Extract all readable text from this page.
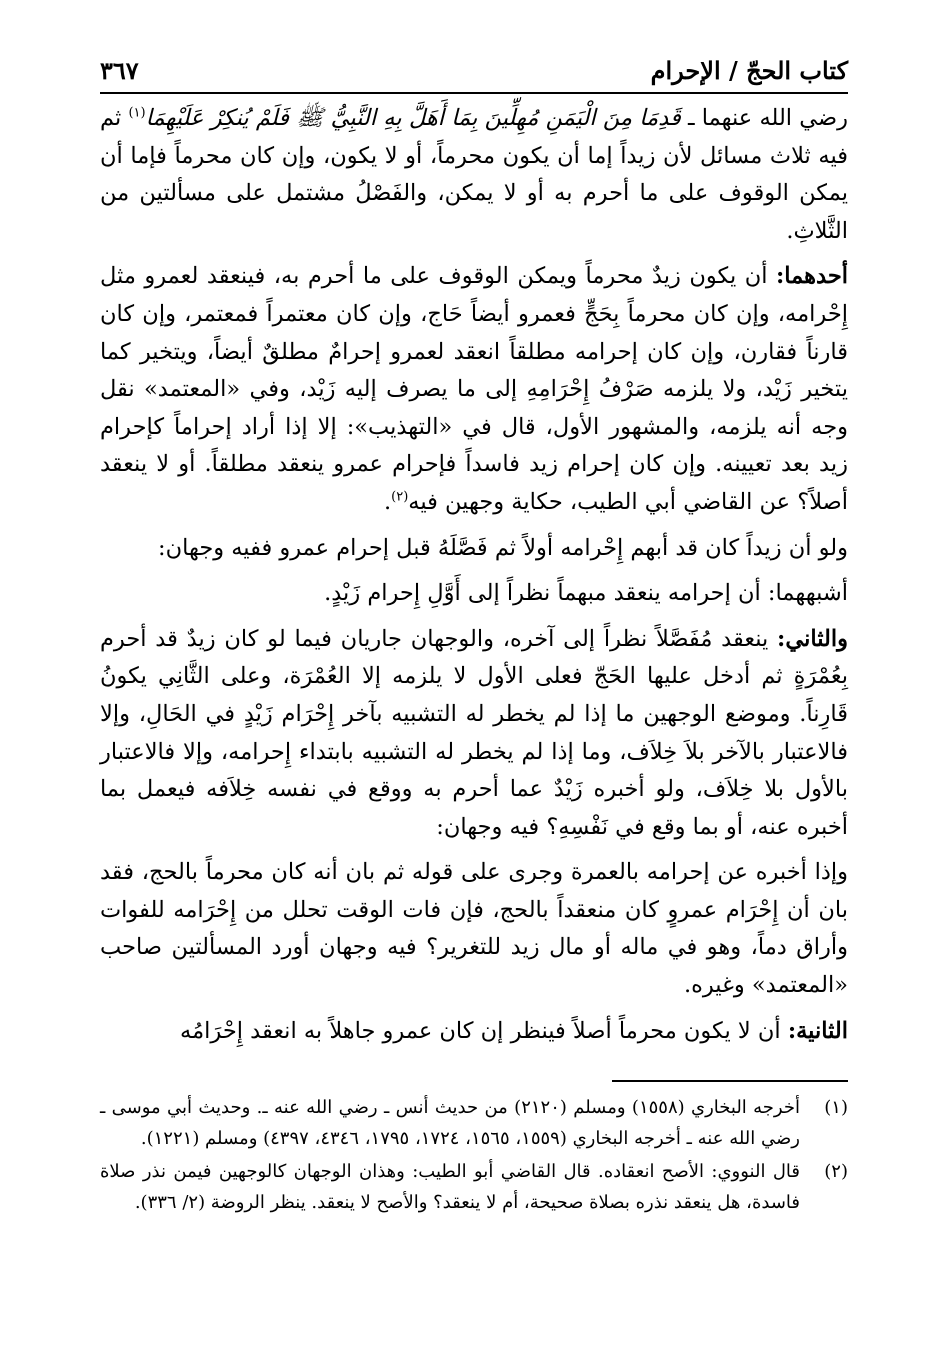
كتاب الحجّ / الإحرام
٣٦٧

رضي الله عنهما ـ قَدِمَا مِنَ الْيَمَنِ مُهِلِّينَ بِمَا أَهَلَّ بِهِ النَّبِيُّ ﷺ فَلَمْ يُنكِرْ عَلَيْهِمَا$^{(١)}$ ثم فيه ثلاث مسائل لأن زيداً إما أن يكون محرماً، أو لا يكون، وإن كان محرماً فإما أن يمكن الوقوف على ما أحرم به أو لا يمكن، والفَصْلُ مشتمل على مسألتين من الثَّلاثِ.

أحدهما: أن يكون زيدٌ محرماً ويمكن الوقوف على ما أحرم به، فينعقد لعمرو مثل إِحْرامه، وإن كان محرماً بِحَجٍّ فعمرو أيضاً حَاج، وإن كان معتمراً فمعتمر، وإن كان قارناً فقارن، وإن كان إحرامه مطلقاً انعقد لعمرو إحرامٌ مطلقٌ أيضاً، ويتخير كما يتخير زَيْد، ولا يلزمه صَرْفُ إِحْرَامِهِ إلى ما يصرف إليه زَيْد، وفي «المعتمد» نقل وجه أنه يلزمه، والمشهور الأول، قال في «التهذيب»: إلا إذا أراد إحراماً كإحرام زيد بعد تعيينه. وإن كان إحرام زيد فاسداً فإحرام عمرو ينعقد مطلقاً. أو لا ينعقد أصلاً؟ عن القاضي أبي الطيب، حكاية وجهين فيه$^{(٢)}$.

ولو أن زيداً كان قد أبهم إِحْرامه أولاً ثم فَصَّلَهُ قبل إحرام عمرو ففيه وجهان:

أشبههما: أن إحرامه ينعقد مبهماً نظراً إلى أَوَّلِ إِحرام زَيْدٍ.

والثاني: ينعقد مُفَصَّلاً نظراً إلى آخره، والوجهان جاريان فيما لو كان زيدٌ قد أحرم بِعُمْرَةٍ ثم أدخل عليها الحَجّ فعلى الأول لا يلزمه إلا العُمْرَة، وعلى الثَّانِي يكونُ قَارِناً. وموضع الوجهين ما إذا لم يخطر له التشبيه بآخر إِحْرَام زَيْدٍ في الحَالِ، وإلا فالاعتبار بالآخر بلاَ خِلاَف، وما إذا لم يخطر له التشبيه بابتداء إِحرامه، وإلا فالاعتبار بالأول بلا خِلاَف، ولو أخبره زَيْدٌ عما أحرم به ووقع في نفسه خِلاَفه فيعمل بما أخبره عنه، أو بما وقع في نَفْسِهِ؟ فيه وجهان:

وإذا أخبره عن إحرامه بالعمرة وجرى على قوله ثم بان أنه كان محرماً بالحج، فقد بان أن إِحْرَام عمروٍ كان منعقداً بالحج، فإن فات الوقت تحلل من إِحْرَامه للفوات وأراق دماً، وهو في ماله أو مال زيد للتغرير؟ فيه وجهان أورد المسألتين صاحب «المعتمد» وغيره.

الثانية: أن لا يكون محرماً أصلاً فينظر إن كان عمرو جاهلاً به انعقد إِحْرَامُه

(١)
أخرجه البخاري (١٥٥٨) ومسلم (٢١٢٠) من حديث أنس ـ رضي الله عنه ـ. وحديث أبي موسى ـ رضي الله عنه ـ أخرجه البخاري (١٥٥٩، ١٥٦٥، ١٧٢٤، ١٧٩٥، ٤٣٤٦، ٤٣٩٧) ومسلم (١٢٢١).
(٢)
قال النووي: الأصح انعقاده. قال القاضي أبو الطيب: وهذان الوجهان كالوجهين فيمن نذر صلاة فاسدة، هل ينعقد نذره بصلاة صحيحة، أم لا ينعقد؟ والأصح لا ينعقد. ينظر الروضة (٢/ ٣٣٦).
